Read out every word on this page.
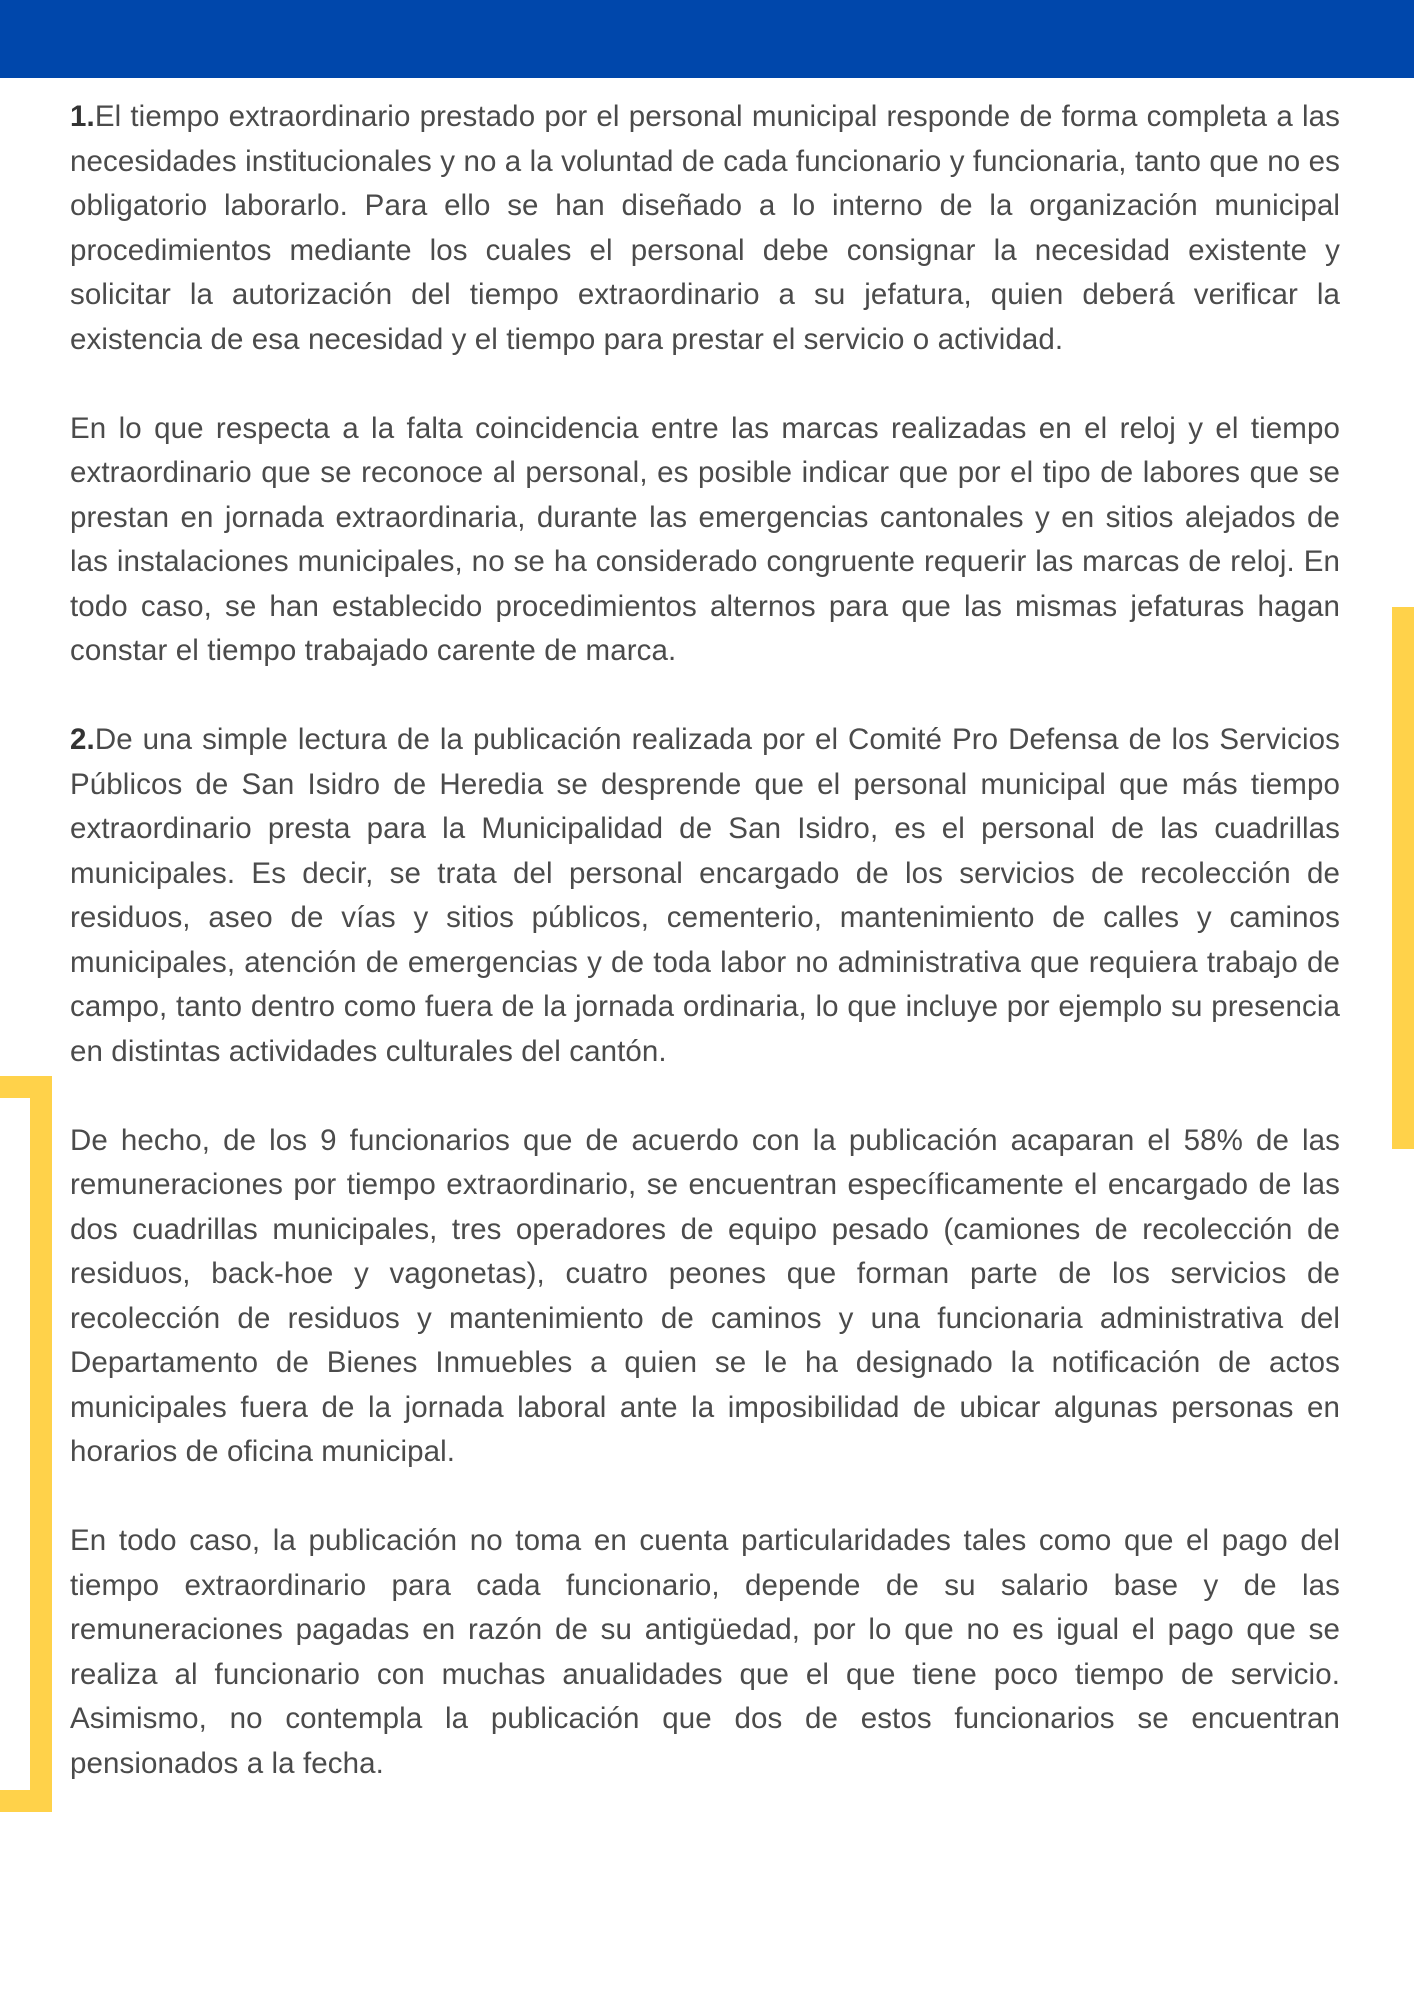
1.El tiempo extraordinario prestado por el personal municipal responde de forma completa a las necesidades institucionales y no a la voluntad de cada funcionario y funcionaria, tanto que no es obligatorio laborarlo. Para ello se han diseñado a lo interno de la organización municipal procedimientos mediante los cuales el personal debe consignar la necesidad existente y solicitar la autorización del tiempo extraordinario a su jefatura, quien deberá verificar la existencia de esa necesidad y el tiempo para prestar el servicio o actividad.

En lo que respecta a la falta coincidencia entre las marcas realizadas en el reloj y el tiempo extraordinario que se reconoce al personal, es posible indicar que por el tipo de labores que se prestan en jornada extraordinaria, durante las emergencias cantonales y en sitios alejados de las instalaciones municipales, no se ha considerado congruente requerir las marcas de reloj. En todo caso, se han establecido procedimientos alternos para que las mismas jefaturas hagan constar el tiempo trabajado carente de marca.

2.De una simple lectura de la publicación realizada por el Comité Pro Defensa de los Servicios Públicos de San Isidro de Heredia se desprende que el personal municipal que más tiempo extraordinario presta para la Municipalidad de San Isidro, es el personal de las cuadrillas municipales. Es decir, se trata del personal encargado de los servicios de recolección de residuos, aseo de vías y sitios públicos, cementerio, mantenimiento de calles y caminos municipales, atención de emergencias y de toda labor no administrativa que requiera trabajo de campo, tanto dentro como fuera de la jornada ordinaria, lo que incluye por ejemplo su presencia en distintas actividades culturales del cantón.

De hecho, de los 9 funcionarios que de acuerdo con la publicación acaparan el 58% de las remuneraciones por tiempo extraordinario, se encuentran específicamente el encargado de las dos cuadrillas municipales, tres operadores de equipo pesado (camiones de recolección de residuos, back-hoe y vagonetas), cuatro peones que forman parte de los servicios de recolección de residuos y mantenimiento de caminos y una funcionaria administrativa del Departamento de Bienes Inmuebles a quien se le ha designado la notificación de actos municipales fuera de la jornada laboral ante la imposibilidad de ubicar algunas personas en horarios de oficina municipal.

En todo caso, la publicación no toma en cuenta particularidades tales como que el pago del tiempo extraordinario para cada funcionario, depende de su salario base y de las remuneraciones pagadas en razón de su antigüedad, por lo que no es igual el pago que se realiza al funcionario con muchas anualidades que el que tiene poco tiempo de servicio. Asimismo, no contempla la publicación que dos de estos funcionarios se encuentran pensionados a la fecha.
